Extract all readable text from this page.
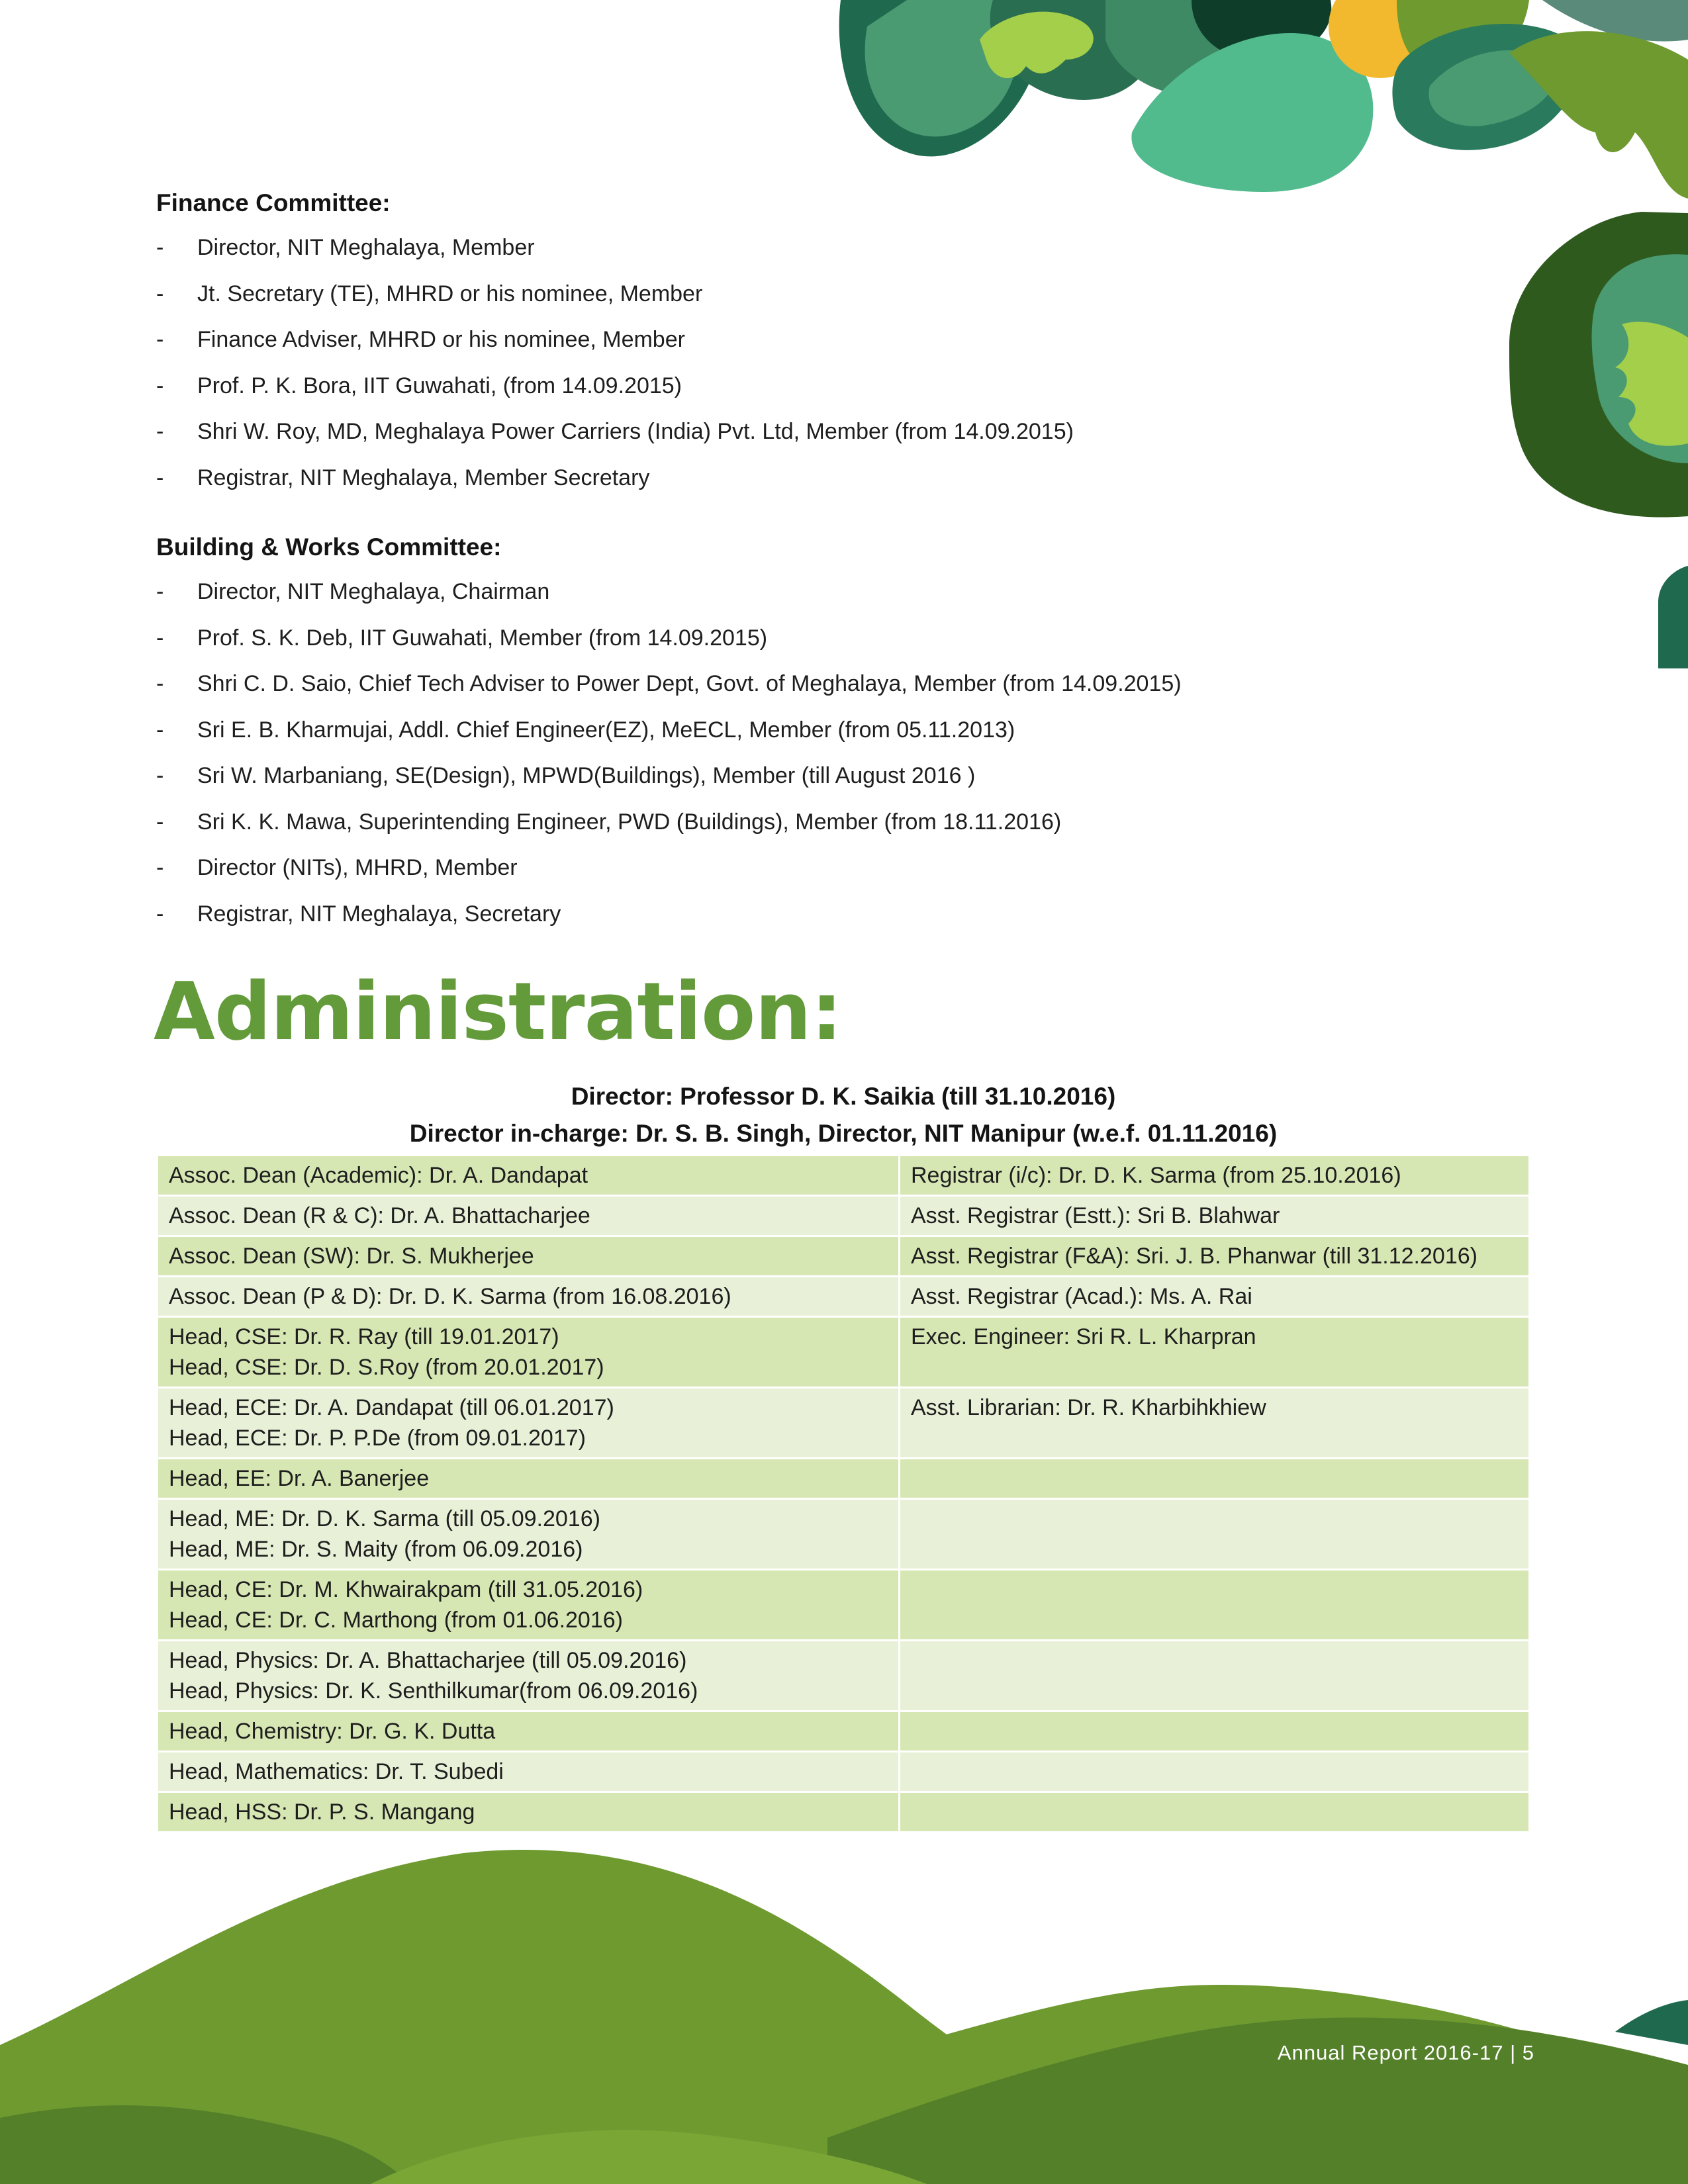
Finance Committee:
- Director, NIT Meghalaya, Member
- Jt. Secretary (TE), MHRD or his nominee, Member
- Finance Adviser, MHRD or his nominee, Member
- Prof. P. K. Bora, IIT Guwahati, (from 14.09.2015)
- Shri W. Roy, MD, Meghalaya Power Carriers (India) Pvt. Ltd, Member (from 14.09.2015)
- Registrar, NIT Meghalaya, Member Secretary
Building & Works Committee:
- Director, NIT Meghalaya, Chairman
- Prof. S. K. Deb, IIT Guwahati, Member (from 14.09.2015)
- Shri C. D. Saio, Chief Tech Adviser to Power Dept, Govt. of Meghalaya, Member (from 14.09.2015)
- Sri E. B. Kharmujai, Addl. Chief Engineer(EZ), MeECL, Member (from 05.11.2013)
- Sri W. Marbaniang, SE(Design), MPWD(Buildings), Member (till August 2016 )
- Sri K. K. Mawa, Superintending Engineer, PWD (Buildings), Member (from 18.11.2016)
- Director (NITs), MHRD, Member
- Registrar, NIT Meghalaya, Secretary
Administration:
Director: Professor D. K. Saikia (till 31.10.2016)
Director in-charge: Dr. S. B. Singh, Director, NIT Manipur (w.e.f. 01.11.2016)
Assoc. Dean (Academic): Dr. A. Dandapat	Registrar (i/c): Dr. D. K. Sarma (from 25.10.2016)

Assoc. Dean (R & C): Dr. A. Bhattacharjee	Asst. Registrar (Estt.): Sri B. Blahwar

Assoc. Dean (SW): Dr. S. Mukherjee	Asst. Registrar (F&A): Sri. J. B. Phanwar (till 31.12.2016)

Assoc. Dean (P & D): Dr. D. K. Sarma (from 16.08.2016)	Asst. Registrar (Acad.): Ms. A. Rai

Head, CSE: Dr. R. Ray (till 19.01.2017)
Head, CSE: Dr. D. S.Roy (from 20.01.2017)	Exec. Engineer: Sri R. L. Kharpran

Head, ECE: Dr. A. Dandapat (till 06.01.2017)
Head, ECE: Dr. P. P.De (from 09.01.2017)	Asst. Librarian: Dr. R. Kharbihkhiew

Head, EE: Dr. A. Banerjee	

Head, ME: Dr. D. K. Sarma (till 05.09.2016)
Head, ME: Dr. S. Maity (from 06.09.2016)	

Head, CE: Dr. M. Khwairakpam (till 31.05.2016)
Head, CE: Dr. C. Marthong (from 01.06.2016)	

Head, Physics: Dr. A. Bhattacharjee (till 05.09.2016)
Head, Physics: Dr. K. Senthilkumar(from 06.09.2016)	

Head, Chemistry: Dr. G. K. Dutta	

Head, Mathematics: Dr. T. Subedi	

Head, HSS: Dr. P. S. Mangang	

Annual Report 2016-17 | 5
